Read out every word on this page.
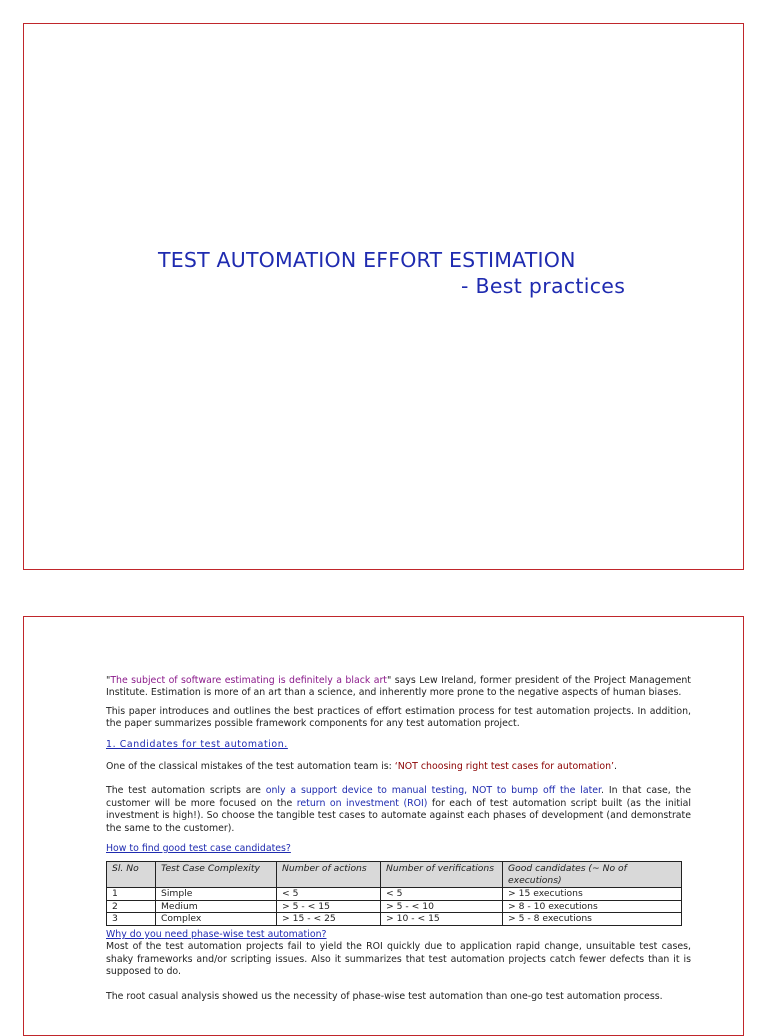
TEST AUTOMATION EFFORT ESTIMATION
- Best practices

"The subject of software estimating is definitely a black art" says Lew Ireland, former president of the Project Management Institute. Estimation is more of an art than a science, and inherently more prone to the negative aspects of human biases.

This paper introduces and outlines the best practices of effort estimation process for test automation projects. In addition, the paper summarizes possible framework components for any test automation project.

1. Candidates for test automation.

One of the classical mistakes of the test automation team is: ‘NOT choosing right test cases for automation’.

The test automation scripts are only a support device to manual testing, NOT to bump off the later. In that case, the customer will be more focused on the return on investment (ROI) for each of test automation script built (as the initial investment is high!). So choose the tangible test cases to automate against each phases of development (and demonstrate the same to the customer).

How to find good test case candidates?

Sl. No	Test Case Complexity	Number of actions	Number of verifications	Good candidates (~ No of executions)
1	Simple	< 5	< 5	> 15 executions
2	Medium	> 5 - < 15	> 5 - < 10	> 8 - 10 executions
3	Complex	> 15 - < 25	> 10 - < 15	> 5 - 8 executions

Why do you need phase-wise test automation?

Most of the test automation projects fail to yield the ROI quickly due to application rapid change, unsuitable test cases, shaky frameworks and/or scripting issues. Also it summarizes that test automation projects catch fewer defects than it is supposed to do.

The root casual analysis showed us the necessity of phase-wise test automation than one-go test automation process.
